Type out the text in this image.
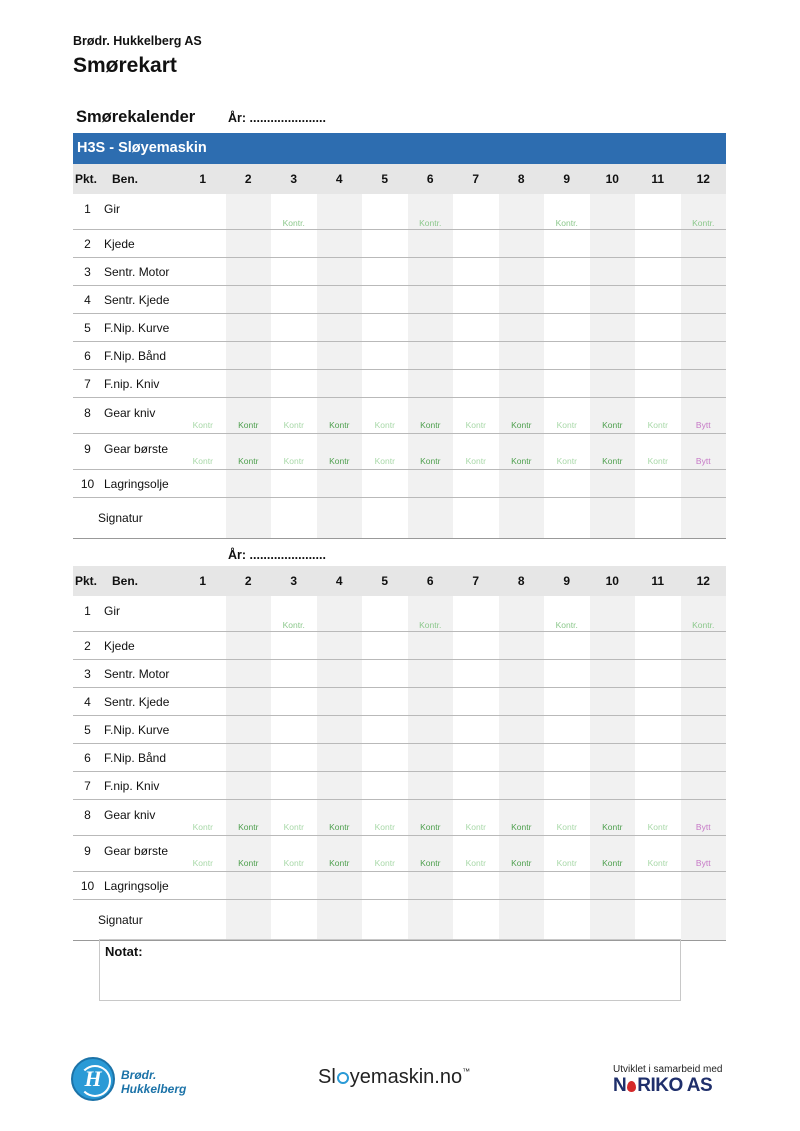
Brødr. Hukkelberg AS
Smørekart
Smørekalender	År: ......................
H3S - Sløyemaskin
Pkt.	Ben.	1	2	3	4	5	6	7	8	9	10	11	12
1	Gir			Kontr.			Kontr.			Kontr.			Kontr.
2	Kjede												
3	Sentr. Motor												
4	Sentr. Kjede												
5	F.Nip. Kurve												
6	F.Nip. Bånd												
7	F.nip. Kniv												
8	Gear kniv	Kontr	Kontr	Kontr	Kontr	Kontr	Kontr	Kontr	Kontr	Kontr	Kontr	Kontr	Bytt
9	Gear børste	Kontr	Kontr	Kontr	Kontr	Kontr	Kontr	Kontr	Kontr	Kontr	Kontr	Kontr	Bytt
10	Lagringsolje												
Signatur													
År: ......................
Pkt.	Ben.	1	2	3	4	5	6	7	8	9	10	11	12
1	Gir			Kontr.			Kontr.			Kontr.			Kontr.
2	Kjede												
3	Sentr. Motor												
4	Sentr. Kjede												
5	F.Nip. Kurve												
6	F.Nip. Bånd												
7	F.nip. Kniv												
8	Gear kniv	Kontr	Kontr	Kontr	Kontr	Kontr	Kontr	Kontr	Kontr	Kontr	Kontr	Kontr	Bytt
9	Gear børste	Kontr	Kontr	Kontr	Kontr	Kontr	Kontr	Kontr	Kontr	Kontr	Kontr	Kontr	Bytt
10	Lagringsolje												
Signatur													
Notat:
H	Brødr.
Hukkelberg
Sl yemaskin.no™	Utviklet i samarbeid med
N RIKO AS
